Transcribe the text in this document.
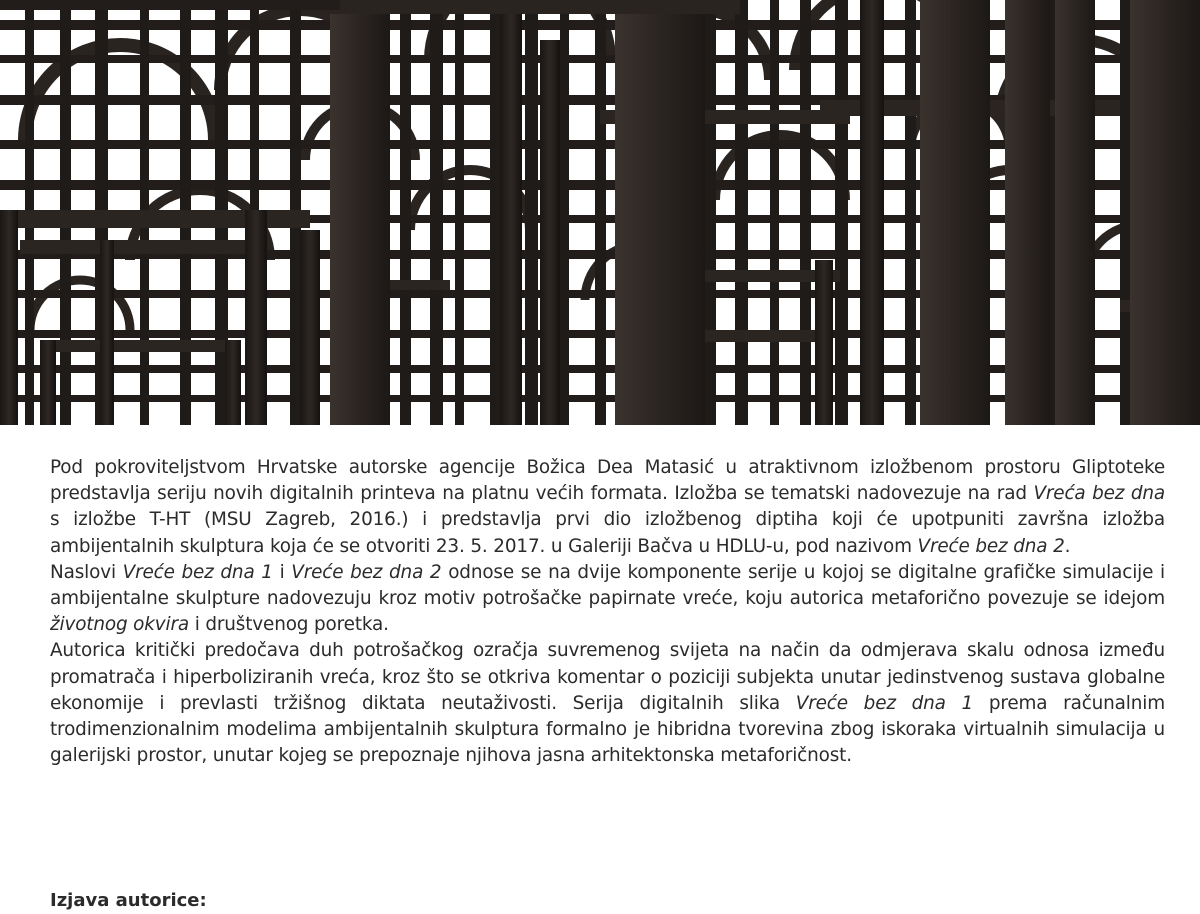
Pod pokroviteljstvom Hrvatske autorske agencije Božica Dea Matasić u atraktivnom izložbenom prostoru Gliptoteke predstavlja seriju novih digitalnih printeva na platnu većih formata. Izložba se tematski nadovezuje na rad Vreća bez dna s izložbe T-HT (MSU Zagreb, 2016.) i predstavlja prvi dio izložbenog diptiha koji će upotpuniti završna izložba ambijentalnih skulptura koja će se otvoriti 23. 5. 2017. u Galeriji Bačva u HDLU-u, pod nazivom Vreće bez dna 2.

Naslovi Vreće bez dna 1 i Vreće bez dna 2 odnose se na dvije komponente serije u kojoj se digitalne grafičke simulacije i ambijentalne skulpture nadovezuju kroz motiv potrošačke papirnate vreće, koju autorica metaforično povezuje se idejom životnog okvira i društvenog poretka.

Autorica kritički predočava duh potrošačkog ozračja suvremenog svijeta na način da odmjerava skalu odnosa između promatrača i hiperboliziranih vreća, kroz što se otkriva komentar o poziciji subjekta unutar jedinstvenog sustava globalne ekonomije i prevlasti tržišnog diktata neutaživosti. Serija digitalnih slika Vreće bez dna 1 prema računalnim trodimenzionalnim modelima ambijentalnih skulptura formalno je hibridna tvorevina zbog iskoraka virtualnih simulacija u galerijski prostor, unutar kojeg se prepoznaje njihova jasna arhitektonska metaforičnost.

Izjava autorice:
